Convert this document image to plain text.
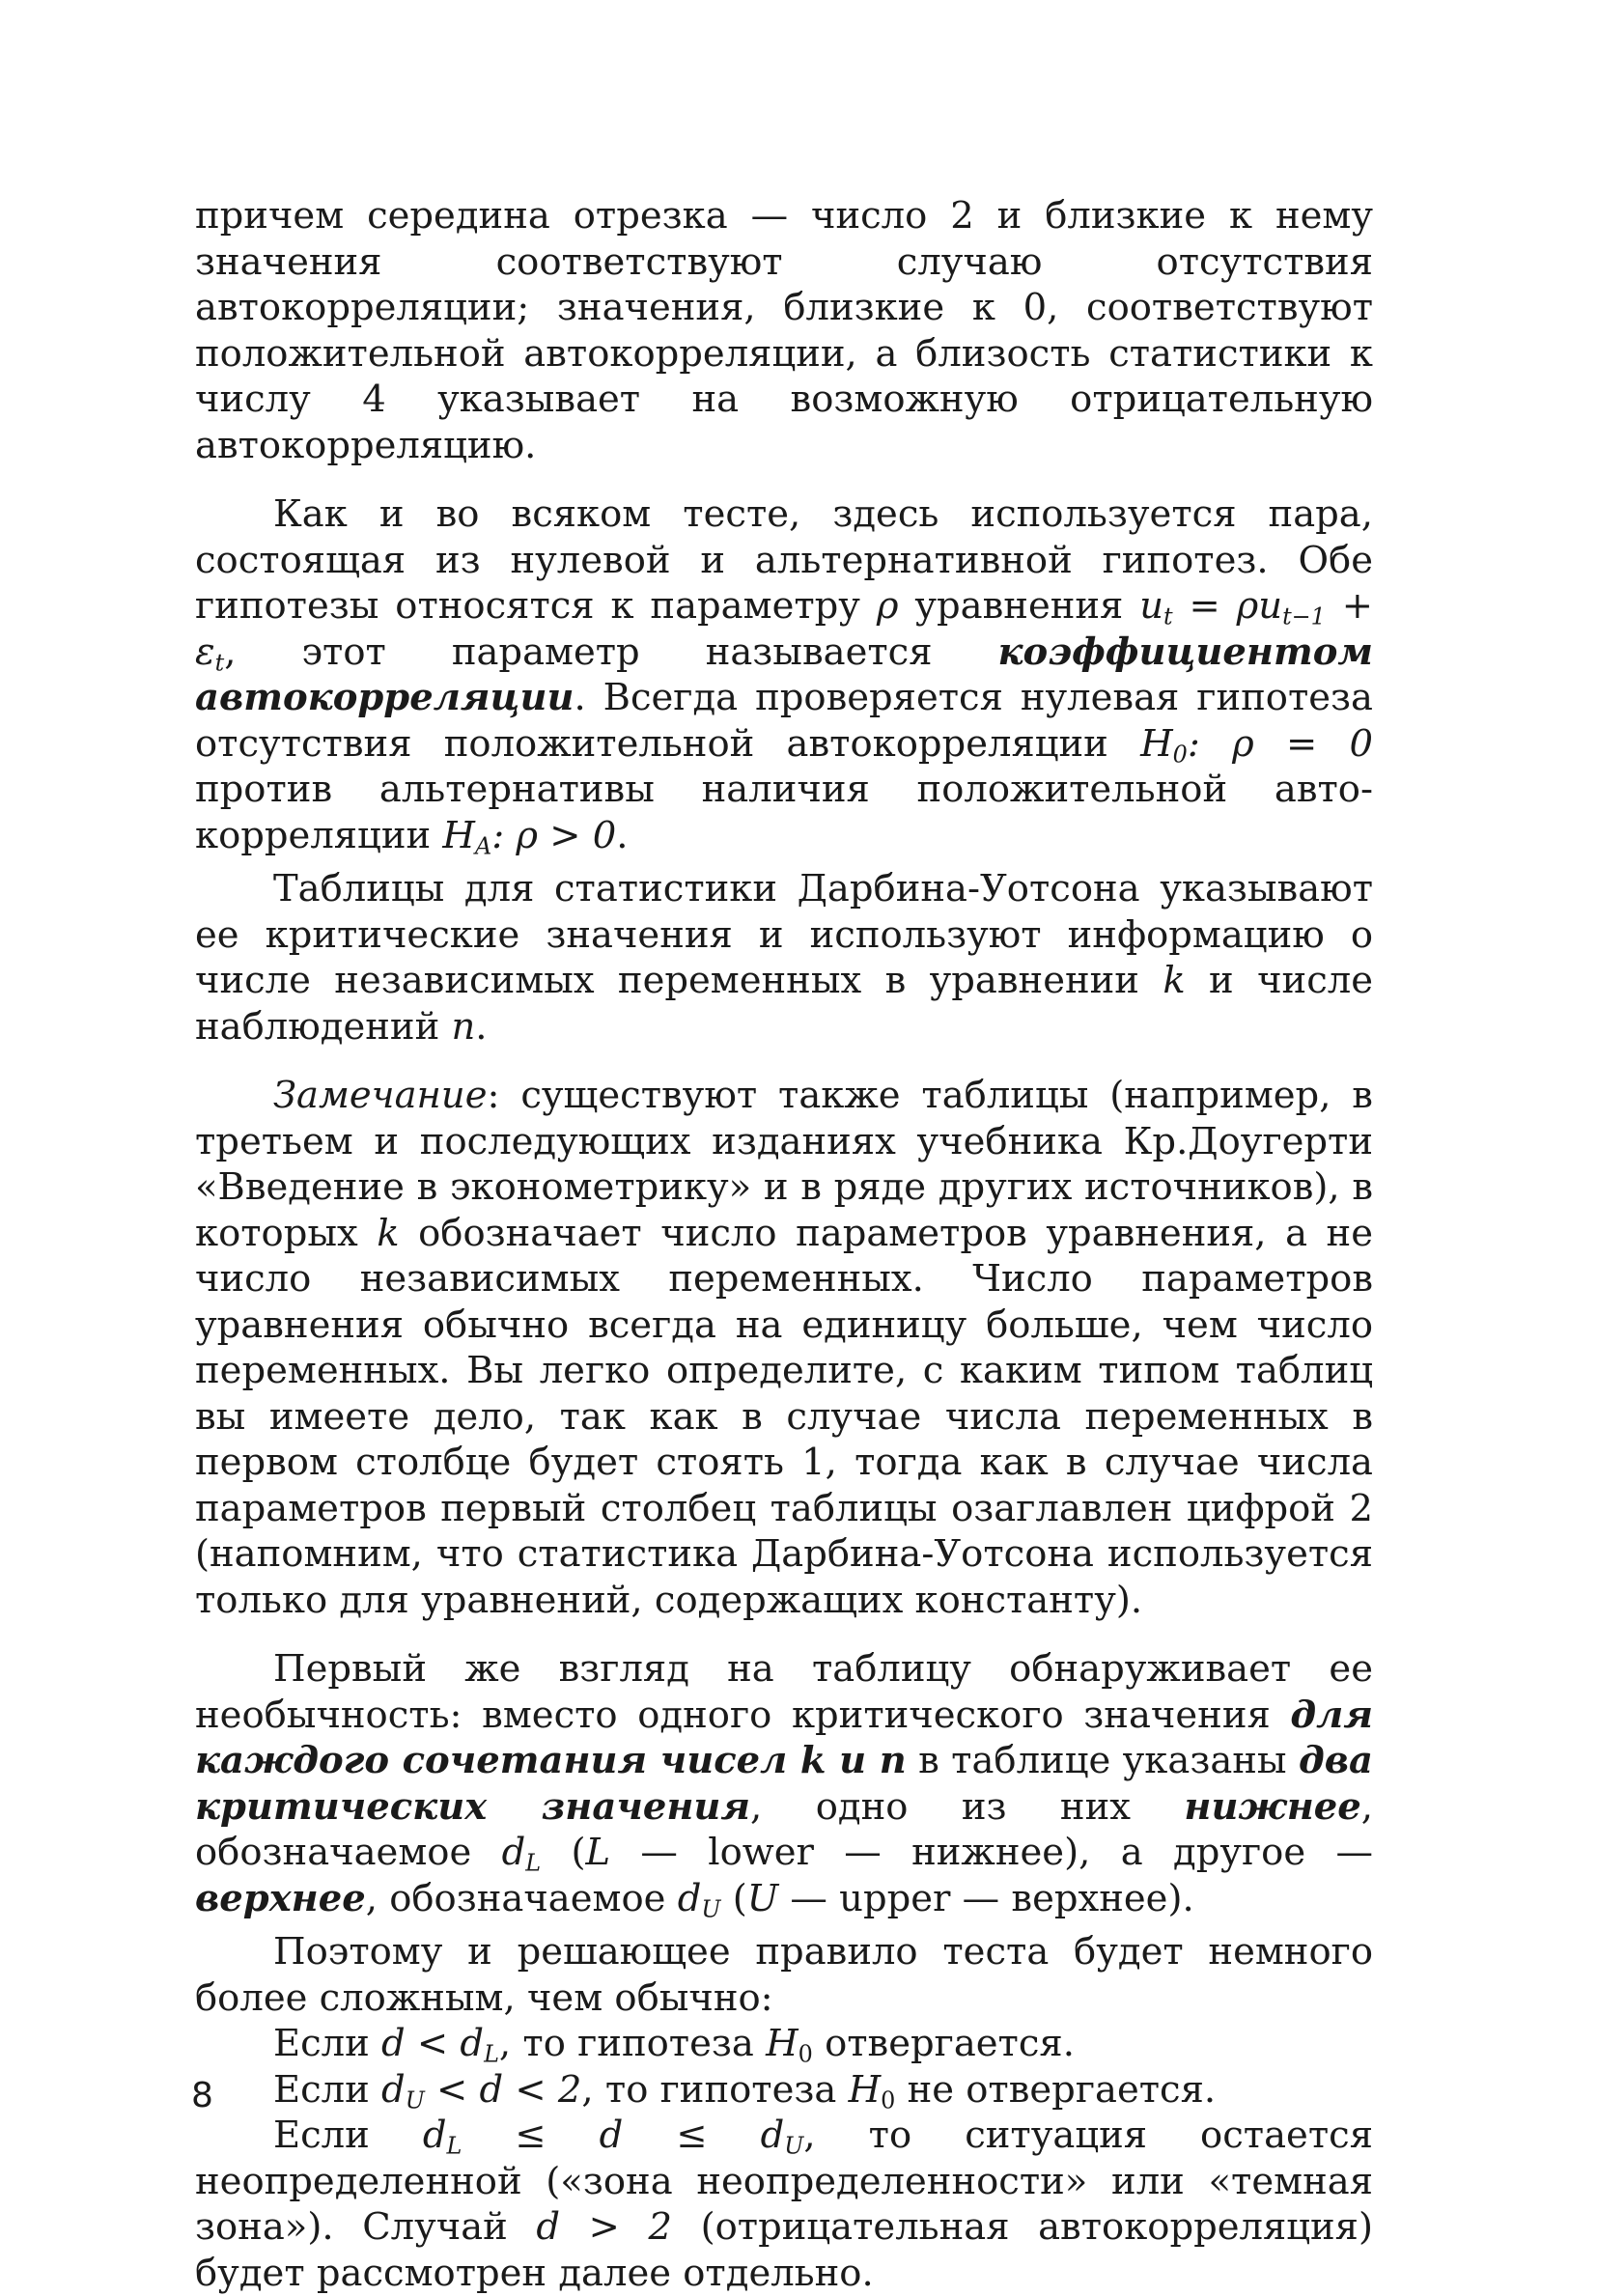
причем середина отрезка — число 2 и близкие к нему значения соответствуют случаю отсутствия автокорреляции; значения, близкие к 0, соответствуют положительной автокорреляции, а близость статистики к числу 4 указывает на возможную отрицательную автокорреляцию.

Как и во всяком тесте, здесь используется пара, состоящая из нулевой и альтернативной гипотез. Обе гипотезы относятся к параметру ρ уравнения $u_t = \rho u_{t-1} + \varepsilon_t$, этот параметр называется коэффициентом автокорреляции. Всегда проверяется нулевая гипотеза отсутствия положительной автокорреляции $H_0$: ρ = 0 против альтернативы наличия положительной автокорреляции $H_A$: ρ > 0.

Таблицы для статистики Дарбина-Уотсона указывают ее критические значения и используют информацию о числе независимых переменных в уравнении k и числе наблюдений n.

Замечание: существуют также таблицы (например, в третьем и последующих изданиях учебника Кр.Доугерти «Введение в эконометрику» и в ряде других источников), в которых k обозначает число параметров уравнения, а не число независимых переменных. Число параметров уравнения обычно всегда на единицу больше, чем число переменных. Вы легко определите, с каким типом таблиц вы имеете дело, так как в случае числа переменных в первом столбце будет стоять 1, тогда как в случае числа параметров первый столбец таблицы озаглавлен цифрой 2 (напомним, что статистика Дарбина-Уотсона используется только для уравнений, содержащих константу).

Первый же взгляд на таблицу обнаруживает ее необычность: вместо одного критического значения для каждого сочетания чисел k и n в таблице указаны два критических значения, одно из них нижнее, обозначаемое $d_L$ (L — lower — нижнее), а другое — верхнее, обозначаемое $d_U$ (U — upper — верхнее).

Поэтому и решающее правило теста будет немного более сложным, чем обычно:

Если $d < d_L$, то гипотеза $H_0$ отвергается.

Если $d_U < d < 2$, то гипотеза $H_0$ не отвергается.

Если $d_L \le d \le d_U$, то ситуация остается неопределенной («зона неопределенности» или «темная зона»). Случай d > 2 (отрицательная автокорреляция) будет рассмотрен далее отдельно.

8
